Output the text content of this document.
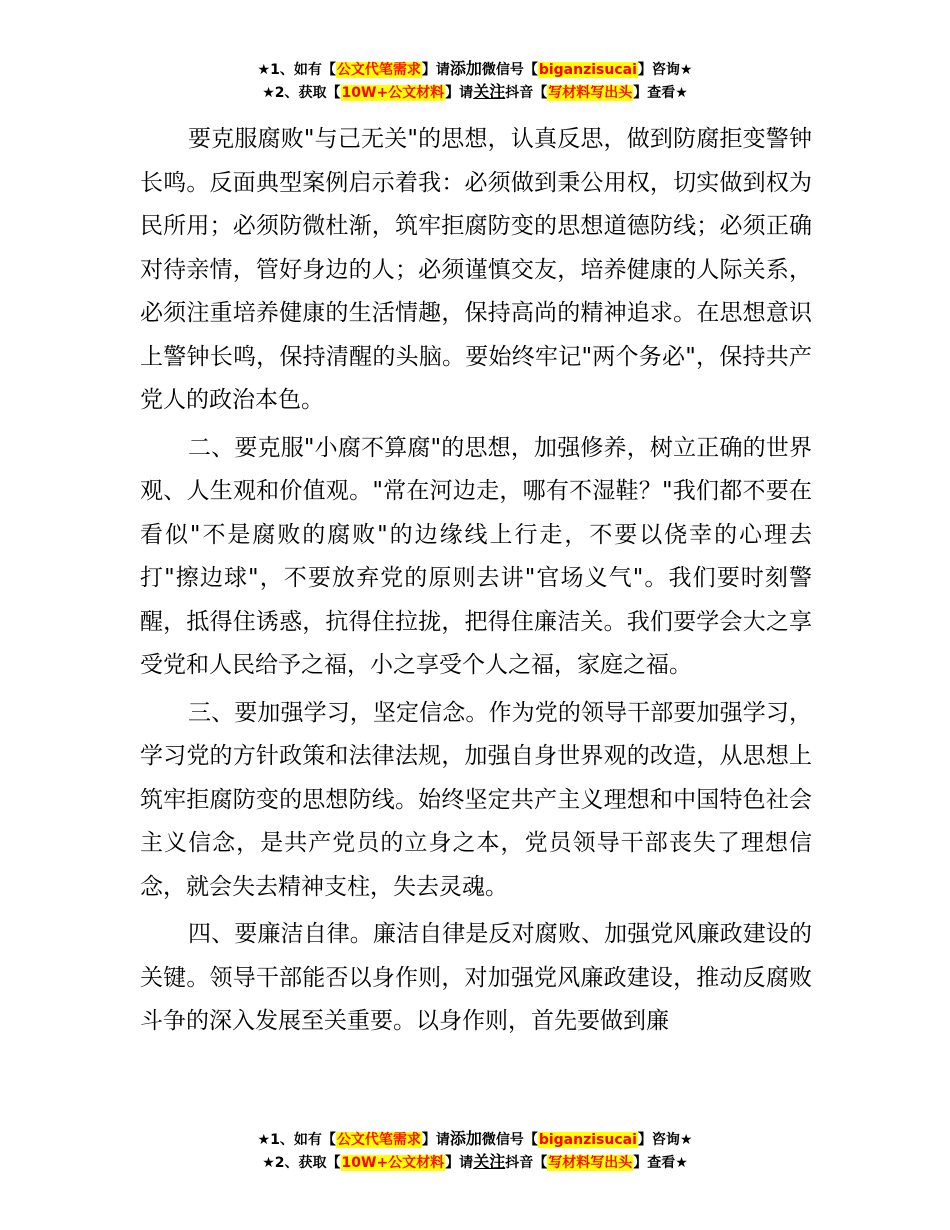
★1、如有【公文代笔需求】请添加微信号【biganzisucai】咨询★
★2、获取【10W+公文材料】请关注抖音【写材料写出头】查看★

要克服腐败"与己无关"的思想，认真反思，做到防腐拒变警钟长鸣。反面典型案例启示着我：必须做到秉公用权，切实做到权为民所用；必须防微杜渐，筑牢拒腐防变的思想道德防线；必须正确对待亲情，管好身边的人；必须谨慎交友，培养健康的人际关系，必须注重培养健康的生活情趣，保持高尚的精神追求。在思想意识上警钟长鸣，保持清醒的头脑。要始终牢记"两个务必"，保持共产党人的政治本色。

二、要克服"小腐不算腐"的思想，加强修养，树立正确的世界观、人生观和价值观。"常在河边走，哪有不湿鞋？"我们都不要在看似"不是腐败的腐败"的边缘线上行走，不要以侥幸的心理去打"擦边球"，不要放弃党的原则去讲"官场义气"。我们要时刻警醒，抵得住诱惑，抗得住拉拢，把得住廉洁关。我们要学会大之享受党和人民给予之福，小之享受个人之福，家庭之福。

三、要加强学习，坚定信念。作为党的领导干部要加强学习，学习党的方针政策和法律法规，加强自身世界观的改造，从思想上筑牢拒腐防变的思想防线。始终坚定共产主义理想和中国特色社会主义信念，是共产党员的立身之本，党员领导干部丧失了理想信念，就会失去精神支柱，失去灵魂。

四、要廉洁自律。廉洁自律是反对腐败、加强党风廉政建设的关键。领导干部能否以身作则，对加强党风廉政建设，推动反腐败斗争的深入发展至关重要。以身作则，首先要做到廉

★1、如有【公文代笔需求】请添加微信号【biganzisucai】咨询★
★2、获取【10W+公文材料】请关注抖音【写材料写出头】查看★
